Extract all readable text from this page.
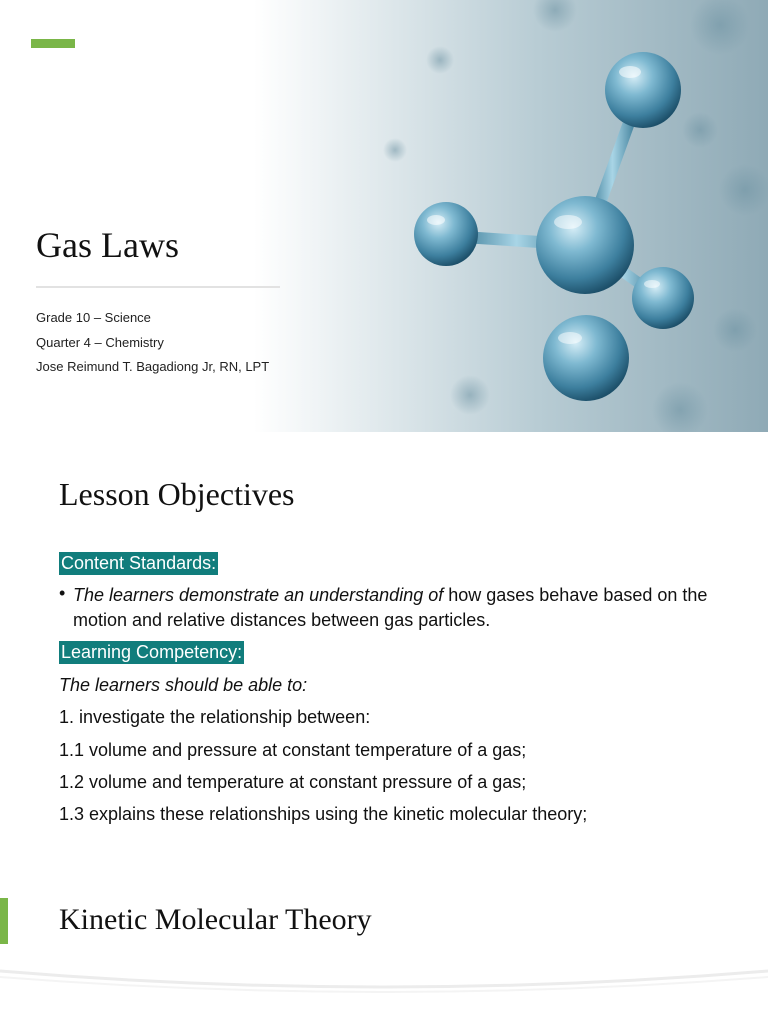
Gas Laws
Grade 10 – Science
Quarter 4 – Chemistry
Jose Reimund T. Bagadiong Jr, RN, LPT
Lesson Objectives
Content Standards:
• The learners demonstrate an understanding of how gases behave based on the motion and relative distances between gas particles.
Learning Competency:
The learners should be able to:
1. investigate the relationship between:
1.1 volume and pressure at constant temperature of a gas;
1.2 volume and temperature at constant pressure of a gas;
1.3 explains these relationships using the kinetic molecular theory;
Kinetic Molecular Theory
